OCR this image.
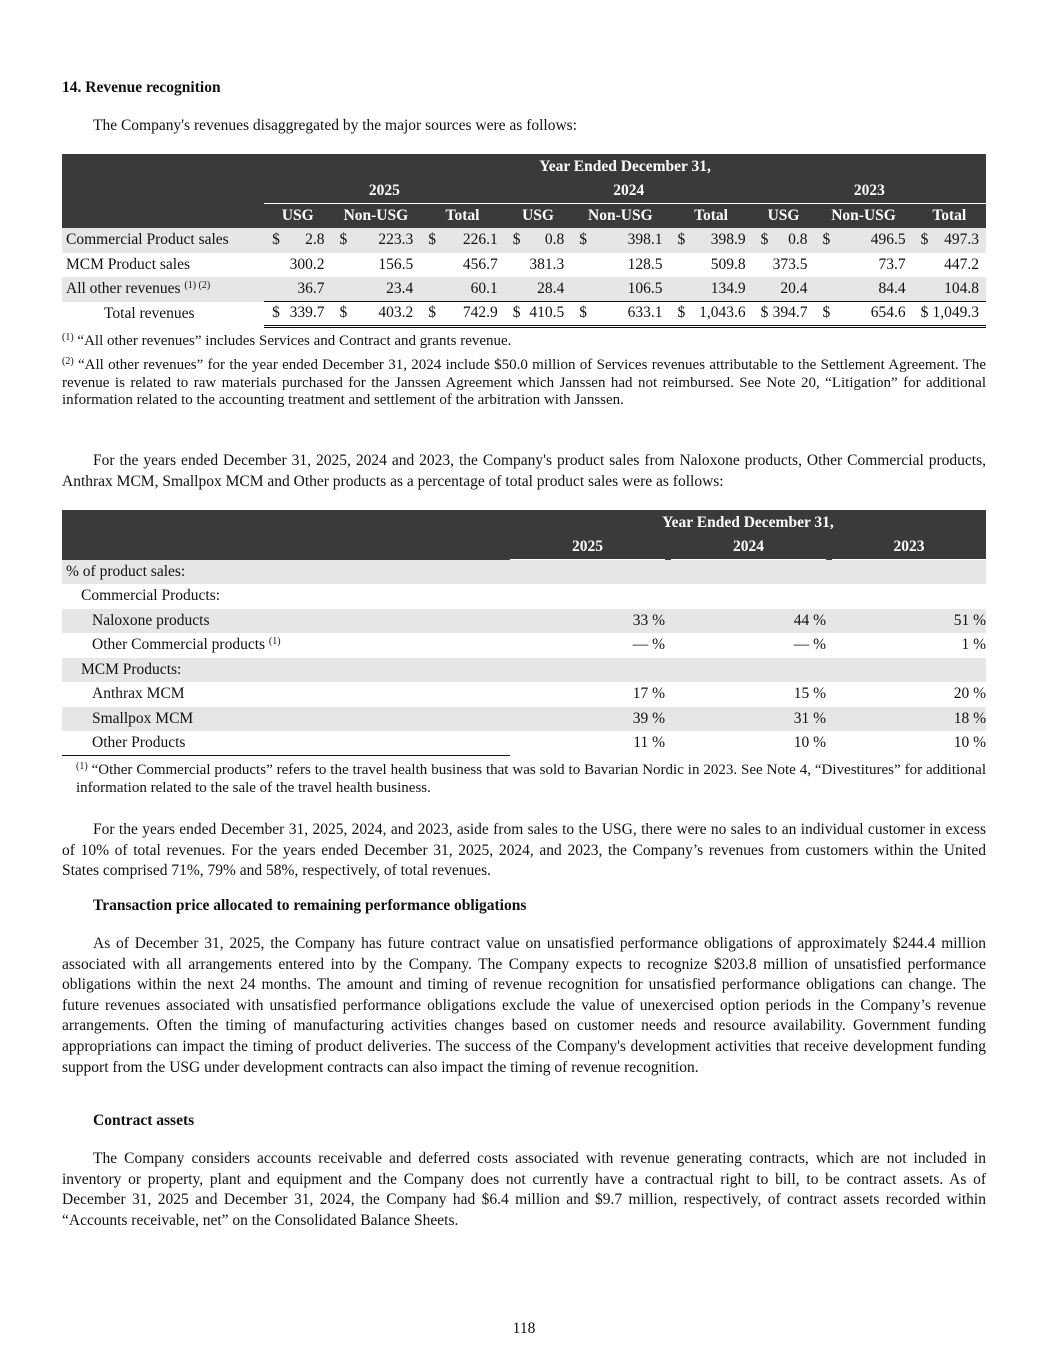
14. Revenue recognition
The Company's revenues disaggregated by the major sources were as follows:
	Year Ended December 31,																	
	2025						2024						2023					
	USG		Non-USG		Total		USG		Non-USG		Total		USG		Non-USG		Total	
Commercial Product sales	$	2.8	$	223.3	$	226.1	$	0.8	$	398.1	$	398.9	$	0.8	$	496.5	$	497.3
MCM Product sales		300.2		156.5		456.7		381.3		128.5		509.8		373.5		73.7		447.2
All other revenues $^{(1) (2)}$		36.7		23.4		60.1		28.4		106.5		134.9		20.4		84.4		104.8
Total revenues	$	339.7	$	403.2	$	742.9	$	410.5	$	633.1	$	1,043.6	$	394.7	$	654.6	$	1,049.3
$^{(1)}$ “All other revenues” includes Services and Contract and grants revenue.
$^{(2)}$ “All other revenues” for the year ended December 31, 2024 include $50.0 million of Services revenues attributable to the Settlement Agreement. The revenue is related to raw materials purchased for the Janssen Agreement which Janssen had not reimbursed. See Note 20, “Litigation” for additional information related to the accounting treatment and settlement of the arbitration with Janssen.
For the years ended December 31, 2025, 2024 and 2023, the Company's product sales from Naloxone products, Other Commercial products, Anthrax MCM, Smallpox MCM and Other products as a percentage of total product sales were as follows:
	Year Ended December 31,				
	2025		2024		2023
% of product sales:					
Commercial Products:					
Naloxone products	33 %		44 %		51 %
Other Commercial products $^{(1)}$	— %		— %		1 %
MCM Products:					
Anthrax MCM	17 %		15 %		20 %
Smallpox MCM	39 %		31 %		18 %
Other Products	11 %		10 %		10 %
$^{(1)}$ “Other Commercial products” refers to the travel health business that was sold to Bavarian Nordic in 2023. See Note 4, “Divestitures” for additional information related to the sale of the travel health business.
For the years ended December 31, 2025, 2024, and 2023, aside from sales to the USG, there were no sales to an individual customer in excess of 10% of total revenues. For the years ended December 31, 2025, 2024, and 2023, the Company’s revenues from customers within the United States comprised 71%, 79% and 58%, respectively, of total revenues.
Transaction price allocated to remaining performance obligations
As of December 31, 2025, the Company has future contract value on unsatisfied performance obligations of approximately $244.4 million associated with all arrangements entered into by the Company. The Company expects to recognize $203.8 million of unsatisfied performance obligations within the next 24 months. The amount and timing of revenue recognition for unsatisfied performance obligations can change. The future revenues associated with unsatisfied performance obligations exclude the value of unexercised option periods in the Company’s revenue arrangements. Often the timing of manufacturing activities changes based on customer needs and resource availability. Government funding appropriations can impact the timing of product deliveries. The success of the Company's development activities that receive development funding support from the USG under development contracts can also impact the timing of revenue recognition.
Contract assets
The Company considers accounts receivable and deferred costs associated with revenue generating contracts, which are not included in inventory or property, plant and equipment and the Company does not currently have a contractual right to bill, to be contract assets. As of December 31, 2025 and December 31, 2024, the Company had $6.4 million and $9.7 million, respectively, of contract assets recorded within “Accounts receivable, net” on the Consolidated Balance Sheets.
118
